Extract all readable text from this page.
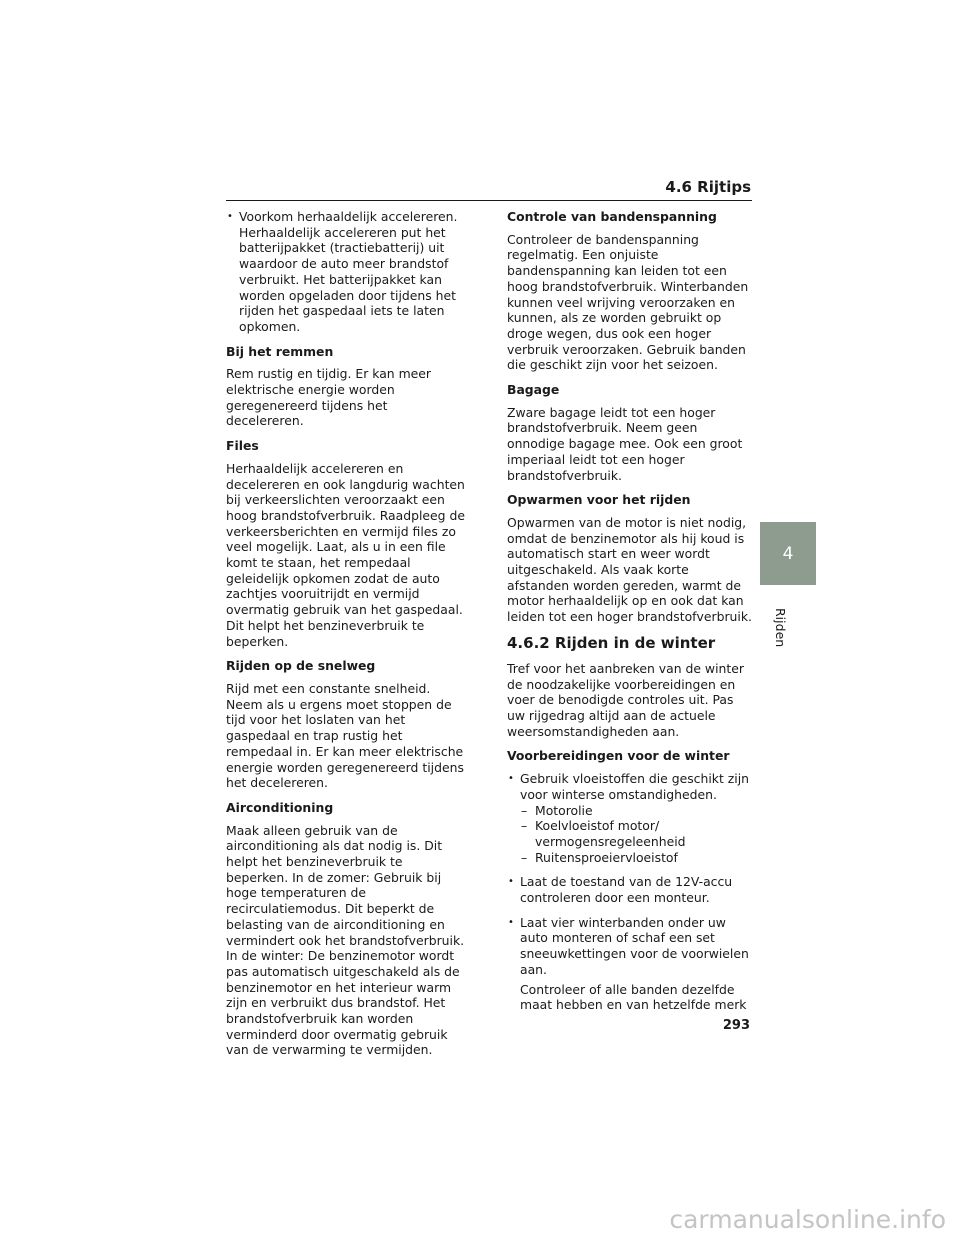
4.6 Rijtips
• Voorkom herhaaldelijk accelereren. Herhaaldelijk accelereren put het batterijpakket (tractiebatterij) uit waardoor de auto meer brandstof verbruikt. Het batterijpakket kan worden opgeladen door tijdens het rijden het gaspedaal iets te laten opkomen.

Bij het remmen

Rem rustig en tijdig. Er kan meer elektrische energie worden geregenereerd tijdens het decelereren.

Files

Herhaaldelijk accelereren en decelereren en ook langdurig wachten bij verkeerslichten veroorzaakt een hoog brandstofverbruik. Raadpleeg de verkeersberichten en vermijd files zo veel mogelijk. Laat, als u in een file komt te staan, het rempedaal geleidelijk opkomen zodat de auto zachtjes vooruitrijdt en vermijd overmatig gebruik van het gaspedaal. Dit helpt het benzineverbruik te beperken.

Rijden op de snelweg

Rijd met een constante snelheid. Neem als u ergens moet stoppen de tijd voor het loslaten van het gaspedaal en trap rustig het rempedaal in. Er kan meer elektrische energie worden geregenereerd tijdens het decelereren.

Airconditioning

Maak alleen gebruik van de airconditioning als dat nodig is. Dit helpt het benzineverbruik te beperken. In de zomer: Gebruik bij hoge temperaturen de recirculatiemodus. Dit beperkt de belasting van de airconditioning en vermindert ook het brandstofverbruik. In de winter: De benzinemotor wordt pas automatisch uitgeschakeld als de benzinemotor en het interieur warm zijn en verbruikt dus brandstof. Het brandstofverbruik kan worden verminderd door overmatig gebruik van de verwarming te vermijden.

Controle van bandenspanning

Controleer de bandenspanning regelmatig. Een onjuiste bandenspanning kan leiden tot een hoog brandstofverbruik. Winterbanden kunnen veel wrijving veroorzaken en kunnen, als ze worden gebruikt op droge wegen, dus ook een hoger verbruik veroorzaken. Gebruik banden die geschikt zijn voor het seizoen.

Bagage

Zware bagage leidt tot een hoger brandstofverbruik. Neem geen onnodige bagage mee. Ook een groot imperiaal leidt tot een hoger brandstofverbruik.

Opwarmen voor het rijden

Opwarmen van de motor is niet nodig, omdat de benzinemotor als hij koud is automatisch start en weer wordt uitgeschakeld. Als vaak korte afstanden worden gereden, warmt de motor herhaaldelijk op en ook dat kan leiden tot een hoger brandstofverbruik.

4.6.2 Rijden in de winter

Tref voor het aanbreken van de winter de noodzakelijke voorbereidingen en voer de benodigde controles uit. Pas uw rijgedrag altijd aan de actuele weersomstandigheden aan.

Voorbereidingen voor de winter

• Gebruik vloeistoffen die geschikt zijn voor winterse omstandigheden.
– Motorolie
– Koelvloeistof motor/ vermogensregeleenheid
– Ruitensproeiervloeistof
• Laat de toestand van de 12V-accu controleren door een monteur.
• Laat vier winterbanden onder uw auto monteren of schaf een set sneeuwkettingen voor de voorwielen aan.
Controleer of alle banden dezelfde maat hebben en van hetzelfde merk
4
Rijden
293
carmanualsonline.info
